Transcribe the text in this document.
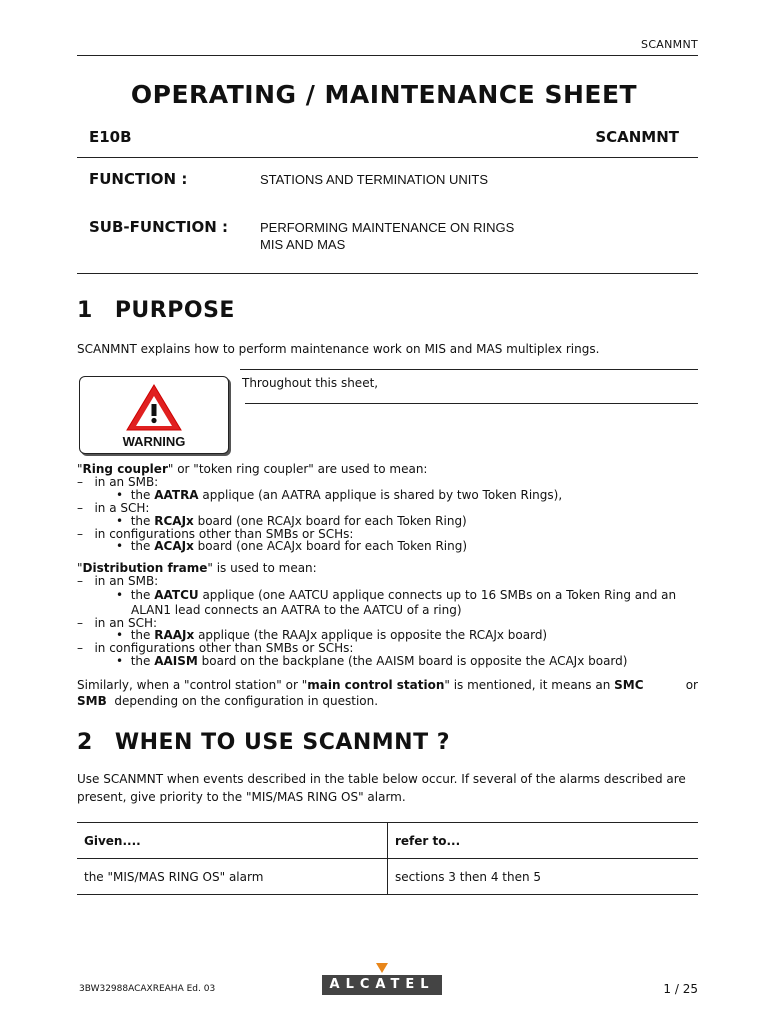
SCANMNT
OPERATING / MAINTENANCE SHEET
E10B	SCANMNT
FUNCTION :	STATIONS AND TERMINATION UNITS
SUB-FUNCTION : PERFORMING MAINTENANCE ON RINGS
MIS AND MAS
1 PURPOSE
SCANMNT explains how to perform maintenance work on MIS and MAS multiplex rings.
WARNING
Throughout this sheet,
"Ring coupler" or "token ring coupler" are used to mean:
–   in an SMB:
•  the AATRA applique (an AATRA applique is shared by two Token Rings),
–   in a SCH:
•  the RCAJx board (one RCAJx board for each Token Ring)
–   in configurations other than SMBs or SCHs:
•  the ACAJx board (one ACAJx board for each Token Ring)
"Distribution frame" is used to mean:
–   in an SMB:
•  the AATCU applique (one AATCU applique connects up to 16 SMBs on a Token Ring and an
ALAN1 lead connects an AATRA to the AATCU of a ring)
–   in an SCH:
•  the RAAJx applique (the RAAJx applique is opposite the RCAJx board)
–   in configurations other than SMBs or SCHs:
•  the AAISM board on the backplane (the AAISM board is opposite the ACAJx board)
Similarly, when a "control station" or "main control station" is mentioned, it means an SMC	or
SMB  depending on the configuration in question.
2 WHEN TO USE SCANMNT ?
Use SCANMNT when events described in the table below occur. If several of the alarms described are
present, give priority to the "MIS/MAS RING OS" alarm.
Given....	refer to...
the "MIS/MAS RING OS" alarm	sections 3 then 4 then 5
3BW32988ACAXREAHA Ed. 03	ALCATEL	1 / 25
